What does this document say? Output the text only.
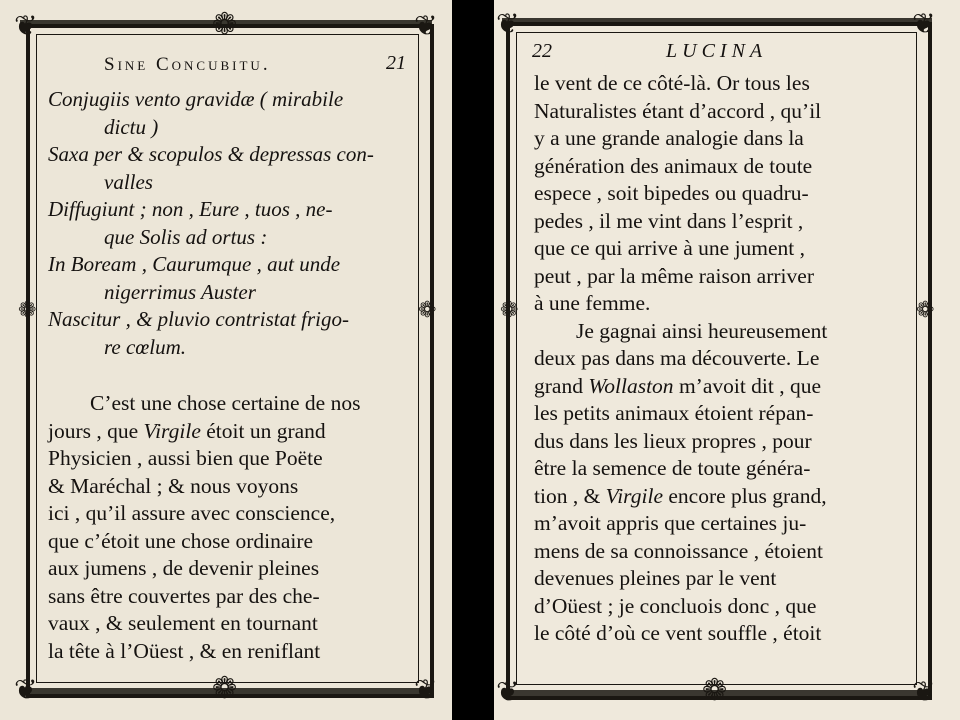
❦	❦
❦	❦
❁
❁
❁	❁
Sine Concubitu.	21
Conjugiis vento gravidæ ( mirabile
dictu )
Saxa per & scopulos & depressas con-
valles
Diffugiunt ; non , Eure , tuos , ne-
que Solis ad ortus :
In Boream , Caurumque , aut unde
nigerrimus Auster
Nascitur , & pluvio contristat frigo-
re cœlum.
C’est une chose certaine de nos
jours , que Virgile étoit un grand
Physicien , aussi bien que Poëte
& Maréchal ; & nous voyons
ici , qu’il assure avec conscience,
que c’étoit une chose ordinaire
aux jumens , de devenir pleines
sans être couvertes par des che-
vaux , & seulement en tournant
la tête à l’Oüest , & en reniflant
❦	❦
❦	❦
❁
❁	❁
22	LUCINA
le vent de ce côté-là. Or tous les
Naturalistes étant d’accord , qu’il
y a une grande analogie dans la
génération des animaux de toute
espece , soit bipedes ou quadru-
pedes , il me vint dans l’esprit ,
que ce qui arrive à une jument ,
peut , par la même raison arriver
à une femme.
Je gagnai ainsi heureusement
deux pas dans ma découverte. Le
grand Wollaston m’avoit dit , que
les petits animaux étoient répan-
dus dans les lieux propres , pour
être la semence de toute généra-
tion , & Virgile encore plus grand,
m’avoit appris que certaines ju-
mens de sa connoissance , étoient
devenues pleines par le vent
d’Oüest ; je concluois donc , que
le côté d’où ce vent souffle , étoit
